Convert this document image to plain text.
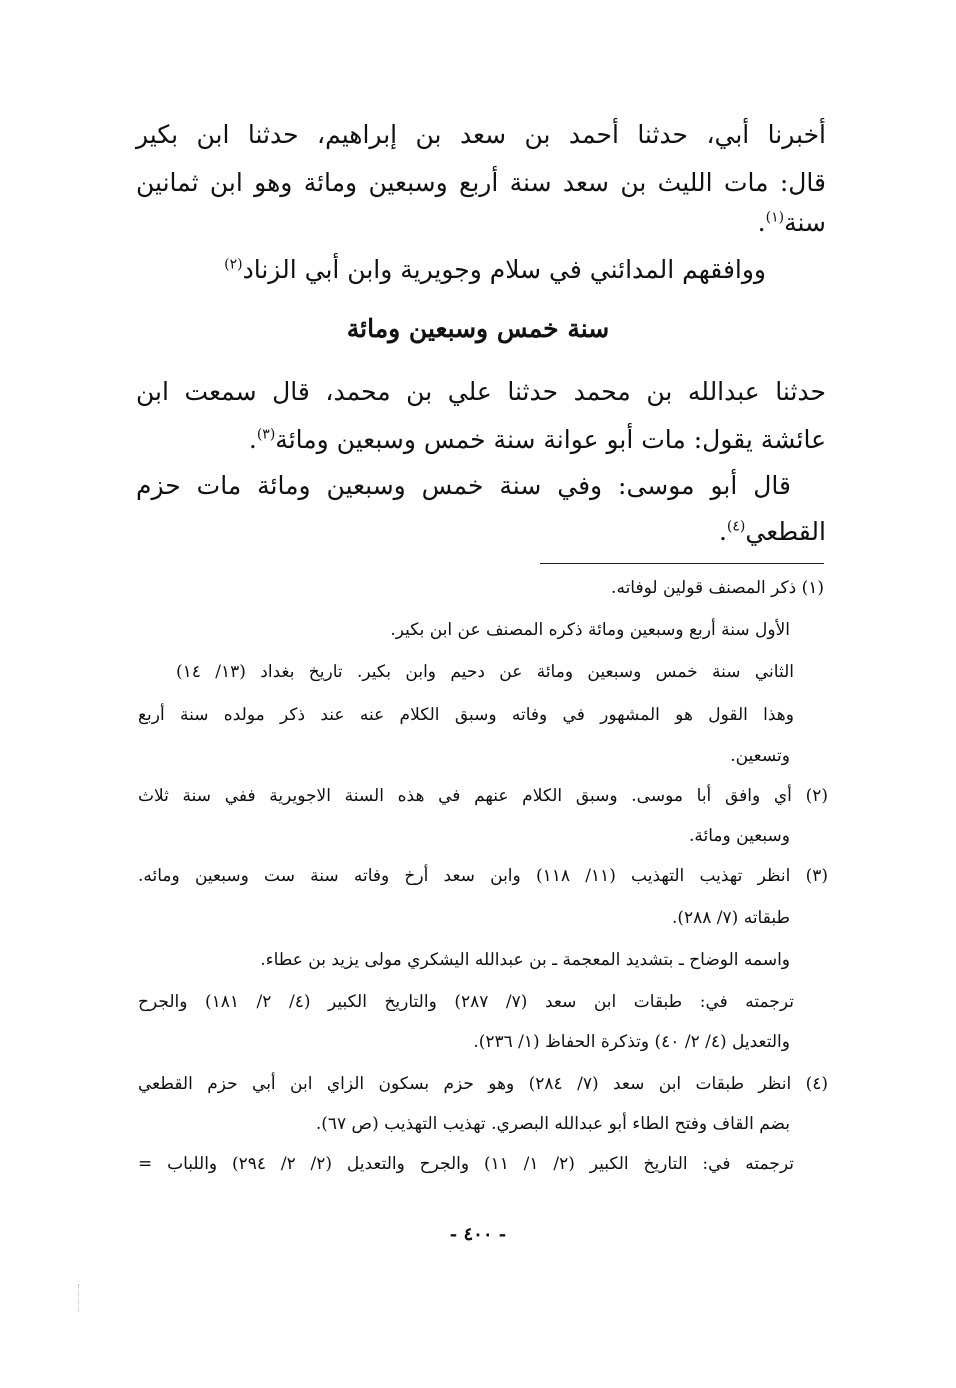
أخبرنا أبي، حدثنا أحمد بن سعد بن إبراهيم، حدثنا ابن بكير

قال: مات الليث بن سعد سنة أربع وسبعين ومائة وهو ابن ثمانين

سنة$^{(١)}$.

ووافقهم المدائني في سلام وجويرية وابن أبي الزناد$^{(٢)}$

سنة خمس وسبعين ومائة

حدثنا عبدالله بن محمد حدثنا علي بن محمد، قال سمعت ابن

عائشة يقول: مات أبو عوانة سنة خمس وسبعين ومائة$^{(٣)}$.

قال أبو موسى: وفي سنة خمس وسبعين ومائة مات حزم

القطعي$^{(٤)}$.

(١) ذكر المصنف قولين لوفاته.

الأول سنة أربع وسبعين ومائة ذكره المصنف عن ابن بكير.

الثاني سنة خمس وسبعين ومائة عن دحيم وابن بكير. تاريخ بغداد (١٣/ ١٤)

وهذا القول هو المشهور في وفاته وسبق الكلام عنه عند ذكر مولده سنة أربع

وتسعين.

(٢) أي وافق أبا موسى. وسبق الكلام عنهم في هذه السنة الاجويرية ففي سنة ثلاث

وسبعين ومائة.

(٣) انظر تهذيب التهذيب (١١/ ١١٨) وابن سعد أرخ وفاته سنة ست وسبعين ومائه.

طبقاته (٧/ ٢٨٨).

واسمه الوضاح ـ بتشديد المعجمة ـ بن عبدالله اليشكري مولى يزيد بن عطاء.

ترجمته في: طبقات ابن سعد (٧/ ٢٨٧) والتاريخ الكبير (٤/ ٢/ ١٨١) والجرح

والتعديل (٤/ ٢/ ٤٠) وتذكرة الحفاظ (١/ ٢٣٦).

(٤) انظر طبقات ابن سعد (٧/ ٢٨٤) وهو حزم بسكون الزاي ابن أبي حزم القطعي

بضم القاف وفتح الطاء أبو عبدالله البصري. تهذيب التهذيب (ص ٦٧).

ترجمته في: التاريخ الكبير (٢/ ١/ ١١) والجرح والتعديل (٢/ ٢/ ٢٩٤) واللباب =

- ٤٠٠ -
